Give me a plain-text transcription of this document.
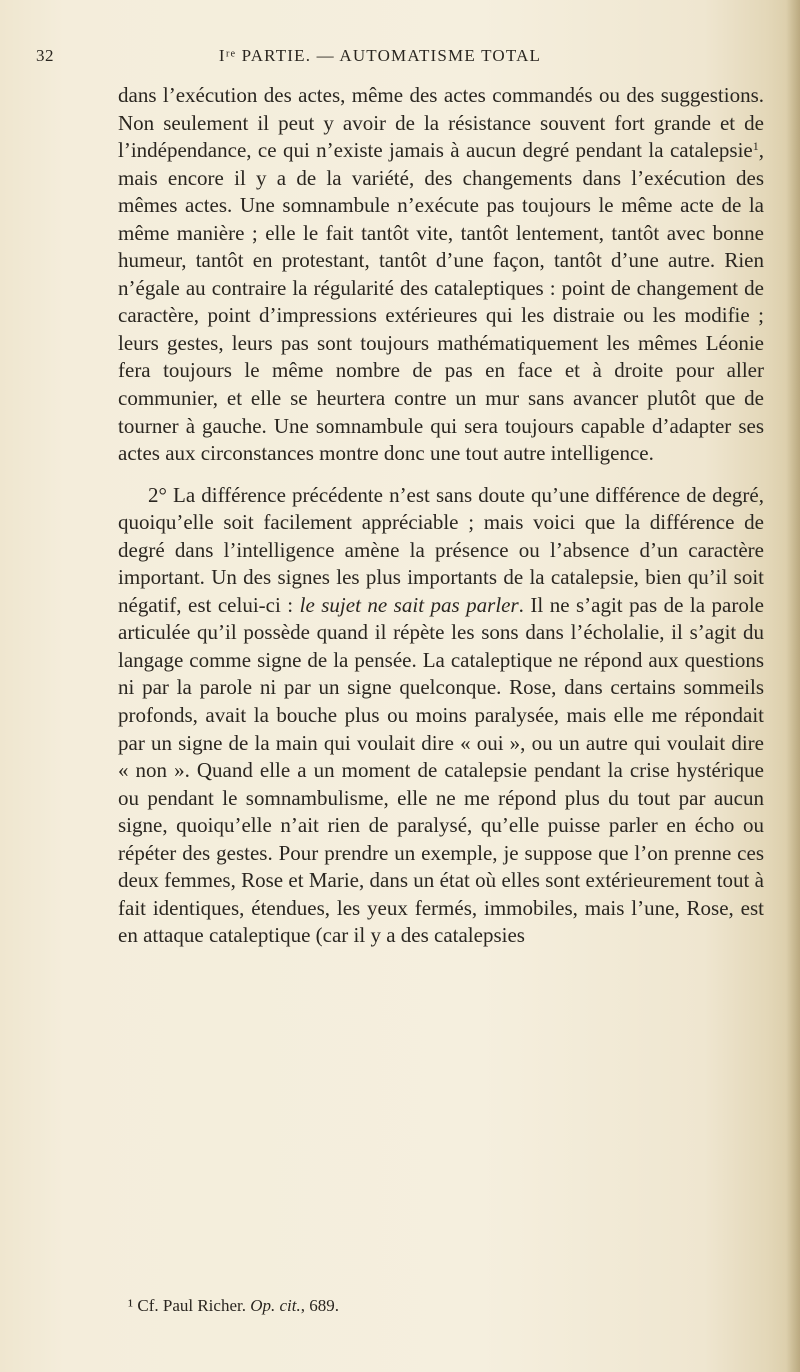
32	Iʳᵉ PARTIE. — AUTOMATISME TOTAL

dans l’exécution des actes, même des actes commandés ou des suggestions. Non seulement il peut y avoir de la résistance souvent fort grande et de l’indépendance, ce qui n’existe jamais à aucun degré pendant la catalepsie$^1$, mais encore il y a de la variété, des changements dans l’exécution des mêmes actes. Une somnambule n’exécute pas toujours le même acte de la même manière ; elle le fait tantôt vite, tantôt lentement, tantôt avec bonne humeur, tantôt en protestant, tantôt d’une façon, tantôt d’une autre. Rien n’égale au contraire la régularité des cataleptiques : point de changement de caractère, point d’impressions extérieures qui les distraie ou les modifie ; leurs gestes, leurs pas sont toujours mathématiquement les mêmes Léonie fera toujours le même nombre de pas en face et à droite pour aller communier, et elle se heurtera contre un mur sans avancer plutôt que de tourner à gauche. Une somnambule qui sera toujours capable d’adapter ses actes aux circonstances montre donc une tout autre intelligence.

2° La différence précédente n’est sans doute qu’une différence de degré, quoiqu’elle soit facilement appréciable ; mais voici que la différence de degré dans l’intelligence amène la présence ou l’absence d’un caractère important. Un des signes les plus importants de la catalepsie, bien qu’il soit négatif, est celui-ci : le sujet ne sait pas parler. Il ne s’agit pas de la parole articulée qu’il possède quand il répète les sons dans l’écholalie, il s’agit du langage comme signe de la pensée. La cataleptique ne répond aux questions ni par la parole ni par un signe quelconque. Rose, dans certains sommeils profonds, avait la bouche plus ou moins paralysée, mais elle me répondait par un signe de la main qui voulait dire « oui », ou un autre qui voulait dire « non ». Quand elle a un moment de catalepsie pendant la crise hystérique ou pendant le somnambulisme, elle ne me répond plus du tout par aucun signe, quoiqu’elle n’ait rien de paralysé, qu’elle puisse parler en écho ou répéter des gestes. Pour prendre un exemple, je suppose que l’on prenne ces deux femmes, Rose et Marie, dans un état où elles sont extérieurement tout à fait identiques, étendues, les yeux fermés, immobiles, mais l’une, Rose, est en attaque cataleptique (car il y a des catalepsies

¹ Cf. Paul Richer. Op. cit., 689.
